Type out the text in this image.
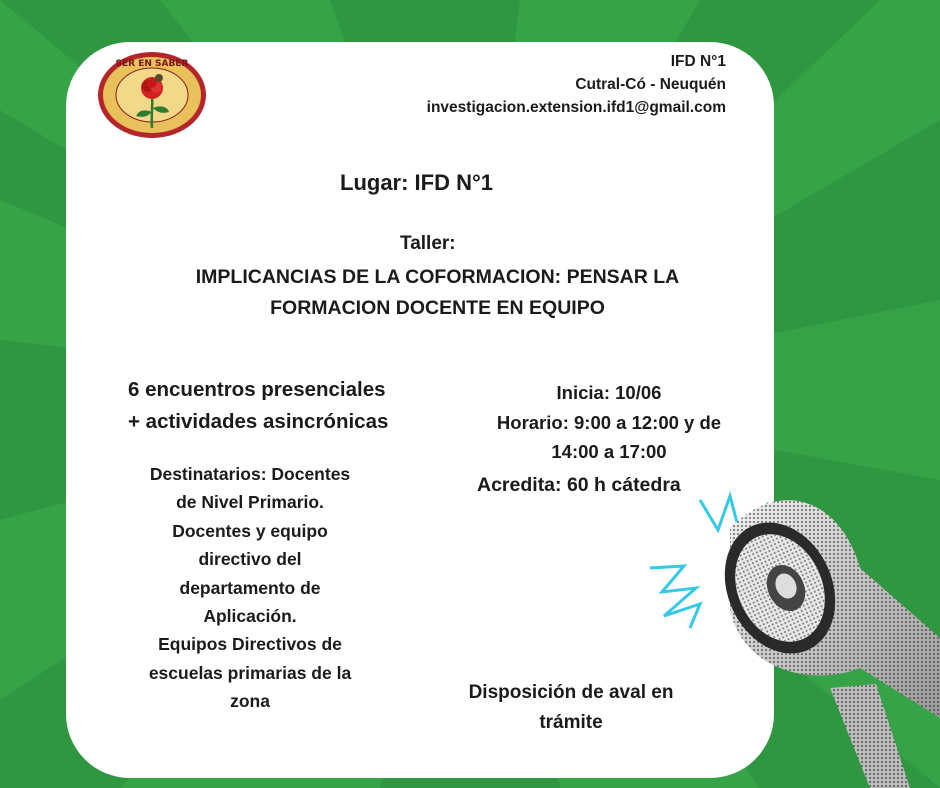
SER EN SABER	IFD N°1
Cutral-Có - Neuquén
investigacion.extension.ifd1@gmail.com
Lugar: IFD N°1
Taller:
IMPLICANCIAS DE LA COFORMACION: PENSAR LA
FORMACION DOCENTE EN EQUIPO
6 encuentros presenciales
+ actividades asincrónicas
Destinatarios: Docentes
de Nivel Primario.
Docentes y equipo
directivo del
departamento de
Aplicación.
Equipos Directivos de
escuelas primarias de la
zona
Inicia: 10/06
Horario: 9:00 a 12:00 y de
14:00 a 17:00
Acredita: 60 h cátedra
Disposición de aval en
trámite
